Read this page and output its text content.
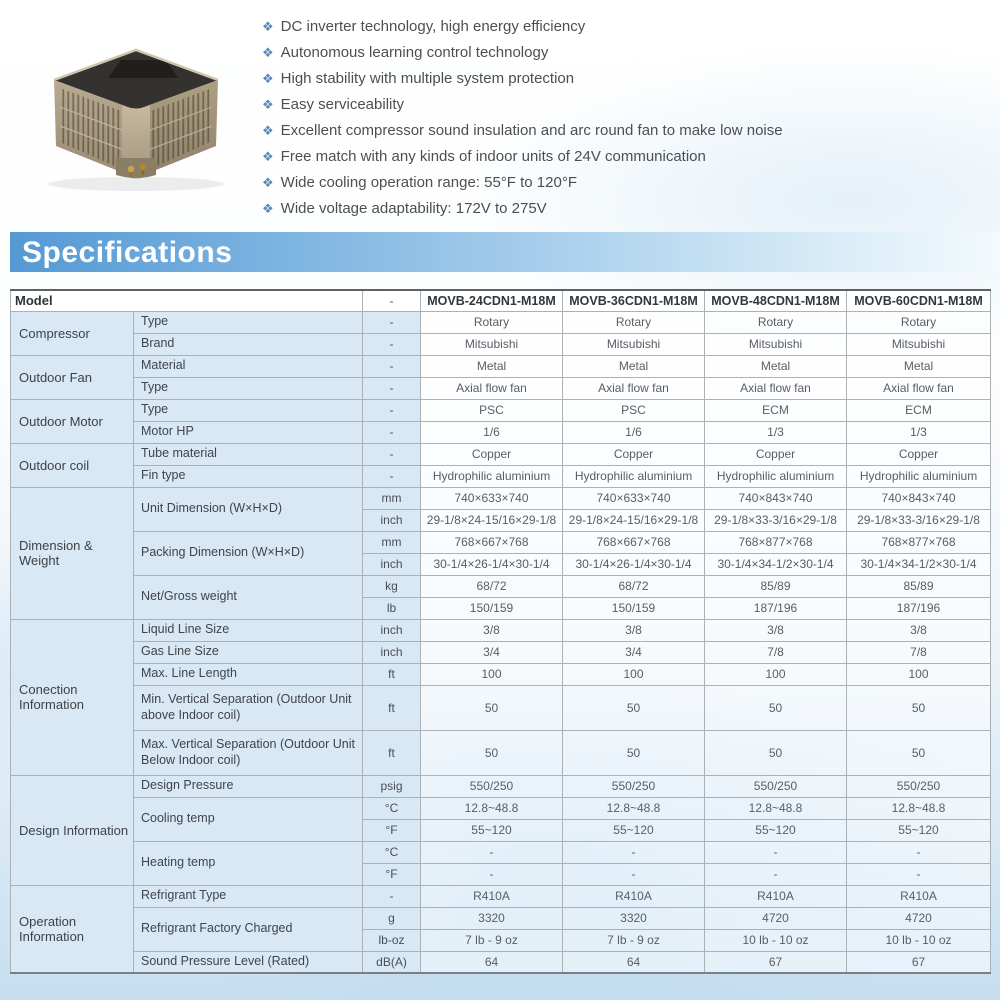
❖ DC inverter technology, high energy efficiency
❖ Autonomous learning control technology
❖ High stability with multiple system protection
❖ Easy serviceability
❖ Excellent compressor sound insulation and arc round fan to make low noise
❖ Free match with any kinds of indoor units of 24V communication
❖ Wide cooling operation range: 55°F to 120°F
❖ Wide voltage adaptability: 172V to 275V
Specifications
Model		-	MOVB-24CDN1-M18M	MOVB-36CDN1-M18M	MOVB-48CDN1-M18M	MOVB-60CDN1-M18M
Compressor	Type	-	Rotary	Rotary	Rotary	Rotary
	Brand	-	Mitsubishi	Mitsubishi	Mitsubishi	Mitsubishi
Outdoor Fan	Material	-	Metal	Metal	Metal	Metal
	Type	-	Axial flow fan	Axial flow fan	Axial flow fan	Axial flow fan
Outdoor Motor	Type	-	PSC	PSC	ECM	ECM
	Motor HP	-	1/6	1/6	1/3	1/3
Outdoor coil	Tube material	-	Copper	Copper	Copper	Copper
	Fin type	-	Hydrophilic aluminium	Hydrophilic aluminium	Hydrophilic aluminium	Hydrophilic aluminium
Dimension & Weight	Unit Dimension (W×H×D)	mm	740×633×740	740×633×740	740×843×740	740×843×740
		inch	29-1/8×24-15/16×29-1/8	29-1/8×24-15/16×29-1/8	29-1/8×33-3/16×29-1/8	29-1/8×33-3/16×29-1/8
	Packing Dimension (W×H×D)	mm	768×667×768	768×667×768	768×877×768	768×877×768
		inch	30-1/4×26-1/4×30-1/4	30-1/4×26-1/4×30-1/4	30-1/4×34-1/2×30-1/4	30-1/4×34-1/2×30-1/4
	Net/Gross weight	kg	68/72	68/72	85/89	85/89
		lb	150/159	150/159	187/196	187/196
Conection Information	Liquid Line Size	inch	3/8	3/8	3/8	3/8
	Gas Line Size	inch	3/4	3/4	7/8	7/8
	Max. Line Length	ft	100	100	100	100
	Min. Vertical Separation (Outdoor Unit above Indoor coil)	ft	50	50	50	50
	Max. Vertical Separation (Outdoor Unit Below Indoor coil)	ft	50	50	50	50
Design Information	Design Pressure	psig	550/250	550/250	550/250	550/250
	Cooling temp	°C	12.8~48.8	12.8~48.8	12.8~48.8	12.8~48.8
		°F	55~120	55~120	55~120	55~120
	Heating temp	°C	-	-	-	-
		°F	-	-	-	-
Operation Information	Refrigrant Type	-	R410A	R410A	R410A	R410A
	Refrigrant Factory Charged	g	3320	3320	4720	4720
		lb-oz	7 lb - 9 oz	7 lb - 9 oz	10 lb - 10 oz	10 lb - 10 oz
	Sound Pressure Level (Rated)	dB(A)	64	64	67	67
